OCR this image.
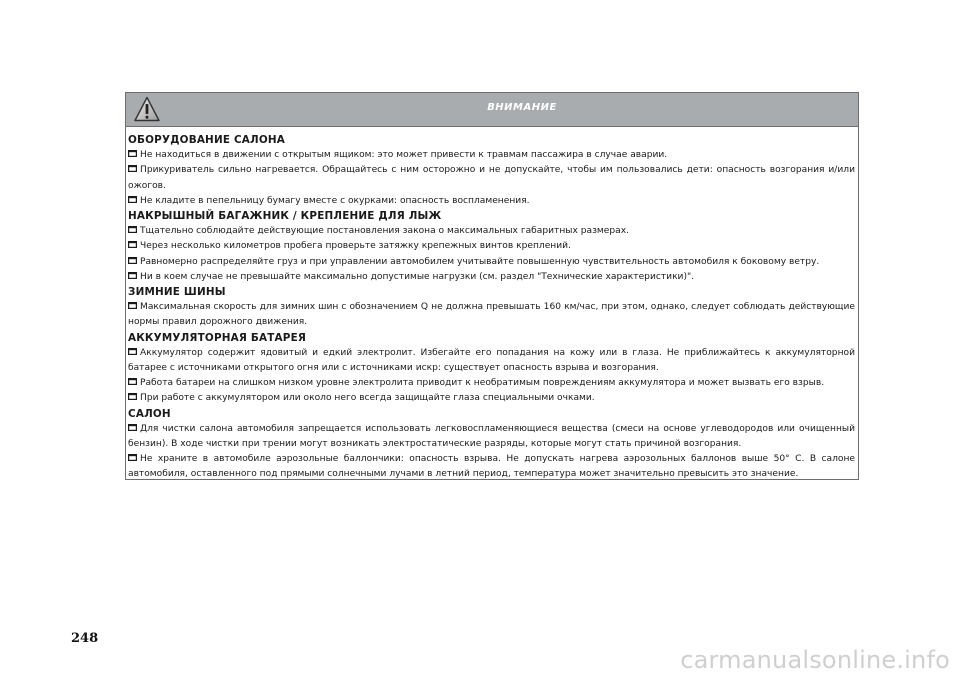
ВНИМАНИЕ
ОБОРУДОВАНИЕ САЛОНА
Не находиться в движении с открытым ящиком: это может привести к травмам пассажира в случае аварии.
Прикуриватель сильно нагревается. Обращайтесь с ним осторожно и не допускайте, чтобы им пользовались дети: опасность возгорания и/или ожогов.
Не кладите в пепельницу бумагу вместе с окурками: опасность воспламенения.
НАКРЫШНЫЙ БАГАЖНИК / КРЕПЛЕНИЕ ДЛЯ ЛЫЖ
Тщательно соблюдайте действующие постановления закона о максимальных габаритных размерах.
Через несколько километров пробега проверьте затяжку крепежных винтов креплений.
Равномерно распределяйте груз и при управлении автомобилем учитывайте повышенную чувствительность автомобиля к боковому ветру.
Ни в коем случае не превышайте максимально допустимые нагрузки (см. раздел "Технические характеристики)".
ЗИМНИЕ ШИНЫ
Максимальная скорость для зимних шин с обозначением Q не должна превышать 160 км/час, при этом, однако, следует соблюдать действующие нормы правил дорожного движения.
АККУМУЛЯТОРНАЯ БАТАРЕЯ
Аккумулятор содержит ядовитый и едкий электролит. Избегайте его попадания на кожу или в глаза. Не приближайтесь к аккумуляторной батарее с источниками открытого огня или с источниками искр: существует опасность взрыва и возгорания.
Работа батареи на слишком низком уровне электролита приводит к необратимым повреждениям аккумулятора и может вызвать его взрыв.
При работе с аккумулятором или около него всегда защищайте глаза специальными очками.
САЛОН
Для чистки салона автомобиля запрещается использовать легковоспламеняющиеся вещества (смеси на основе углеводородов или очищенный бензин). В ходе чистки при трении могут возникать электростатические разряды, которые могут стать причиной возгорания.
Не храните в автомобиле аэрозольные баллончики: опасность взрыва. Не допускать нагрева аэрозольных баллонов выше 50° C. В салоне автомобиля, оставленного под прямыми солнечными лучами в летний период, температура может значительно превысить это значение.
248
carmanualsonline.info
